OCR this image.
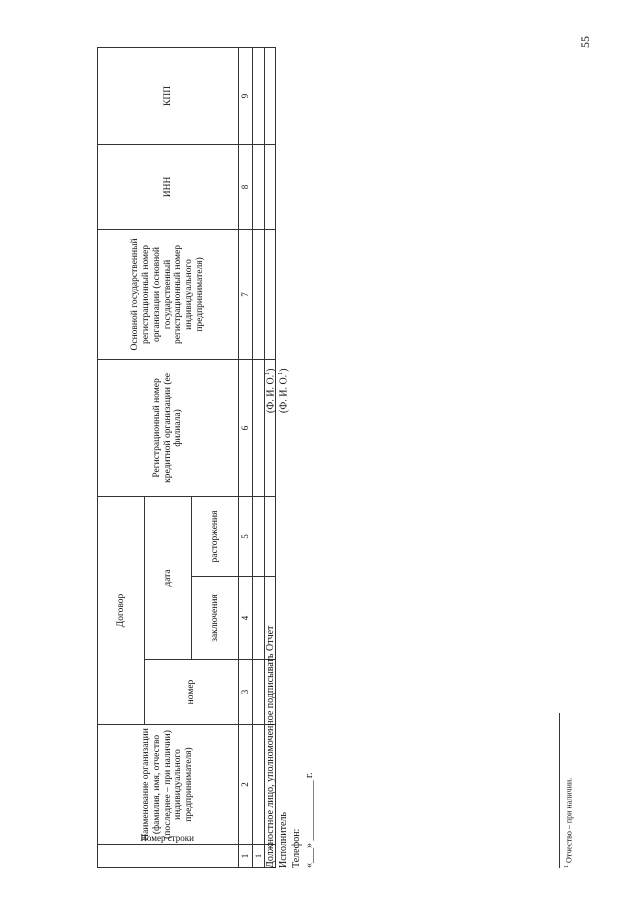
55
Номер строки	Наименование организации (фамилия, имя, отчество (последнее – при наличии) индивидуального предпринимателя)	Договор			Регистрационный номер кредитной организации (ее филиала)	Основной государственный регистрационный номер организации (основной государственный регистрационный номер индивидуального предпринимателя)	ИНН	КПП
		номер	дата					
			заключения	расторжения				
1	2	3	4	5	6	7	8	9
1								
								Должностное лицо, уполномоченное подписывать Отчет Исполнитель Телефон: «___» ____________ г.
(Ф. И. О.$^1$)
(Ф. И. О.$^1$)
$^1$ Отчество – при наличии.
